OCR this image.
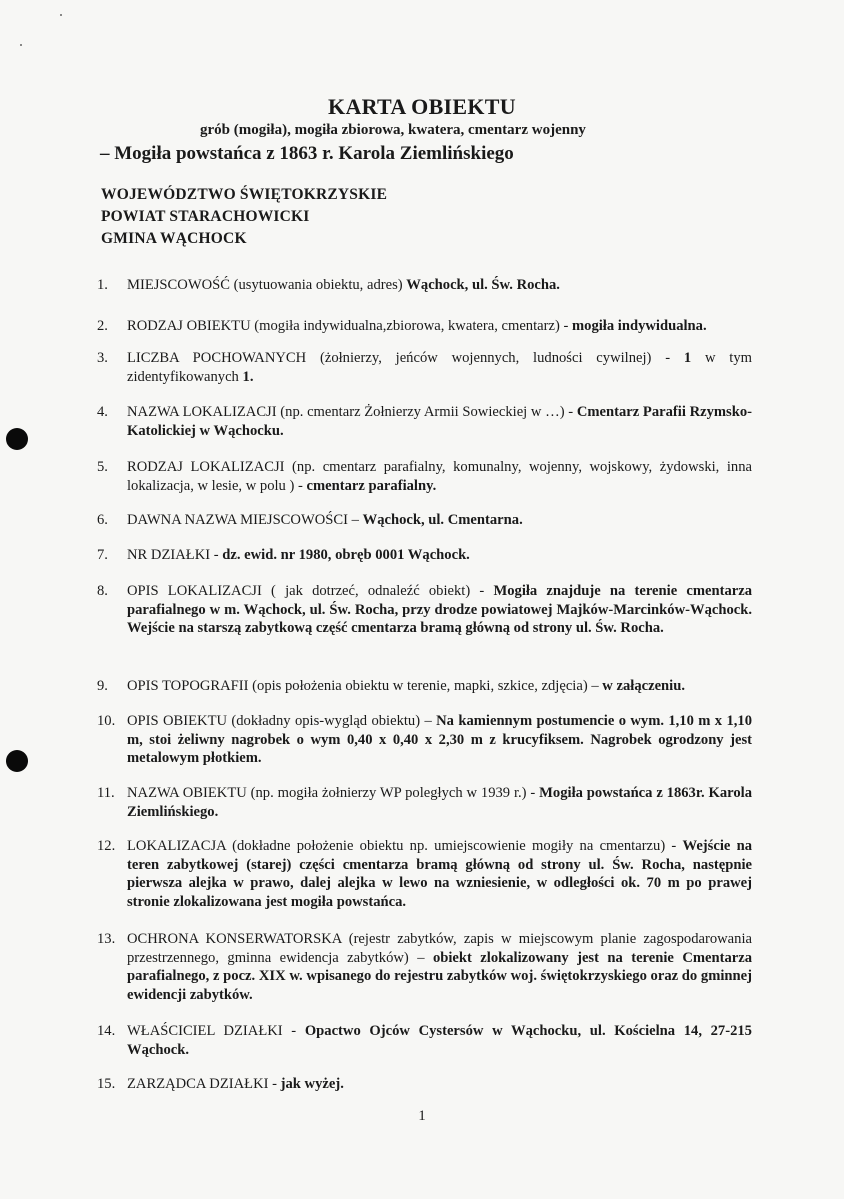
KARTA OBIEKTU
grób (mogiła), mogiła zbiorowa, kwatera, cmentarz wojenny
– Mogiła powstańca z 1863 r. Karola Ziemlińskiego
WOJEWÓDZTWO ŚWIĘTOKRZYSKIE
POWIAT STARACHOWICKI
GMINA WĄCHOCK
1.	MIEJSCOWOŚĆ (usytuowania obiektu, adres) Wąchock, ul. Św. Rocha.
2.	RODZAJ OBIEKTU (mogiła indywidualna,zbiorowa, kwatera, cmentarz) - mogiła indywidualna.
3.	LICZBA POCHOWANYCH (żołnierzy, jeńców wojennych, ludności cywilnej) - 1 w tym zidentyfikowanych 1.
4.	NAZWA LOKALIZACJI (np. cmentarz Żołnierzy Armii Sowieckiej w …) - Cmentarz Parafii Rzymsko-Katolickiej w Wąchocku.
5.	RODZAJ LOKALIZACJI (np. cmentarz parafialny, komunalny, wojenny, wojskowy, żydowski, inna lokalizacja, w lesie, w polu ) - cmentarz parafialny.
6.	DAWNA NAZWA MIEJSCOWOŚCI – Wąchock, ul. Cmentarna.
7.	NR DZIAŁKI - dz. ewid. nr 1980, obręb 0001 Wąchock.
8.	OPIS LOKALIZACJI ( jak dotrzeć, odnaleźć obiekt) - Mogiła znajduje na terenie cmentarza parafialnego w m. Wąchock, ul. Św. Rocha, przy drodze powiatowej Majków-Marcinków-Wąchock. Wejście na starszą zabytkową część cmentarza bramą główną od strony ul. Św. Rocha.
9.	OPIS TOPOGRAFII (opis położenia obiektu w terenie, mapki, szkice, zdjęcia) – w załączeniu.
10. OPIS OBIEKTU (dokładny opis-wygląd obiektu) – Na kamiennym postumencie o wym. 1,10 m x 1,10 m, stoi żeliwny nagrobek o wym 0,40 x 0,40 x 2,30 m z krucyfiksem. Nagrobek ogrodzony jest metalowym płotkiem.
11. NAZWA OBIEKTU (np. mogiła żołnierzy WP poległych w 1939 r.) - Mogiła powstańca z 1863r. Karola Ziemlińskiego.
12. LOKALIZACJA (dokładne położenie obiektu np. umiejscowienie mogiły na cmentarzu) - Wejście na teren zabytkowej (starej) części cmentarza bramą główną od strony ul. Św. Rocha, następnie pierwsza alejka w prawo, dalej alejka w lewo na wzniesienie, w odległości ok. 70 m po prawej stronie zlokalizowana jest mogiła powstańca.
13. OCHRONA KONSERWATORSKA (rejestr zabytków, zapis w miejscowym planie zagospodarowania przestrzennego, gminna ewidencja zabytków) – obiekt zlokalizowany jest na terenie Cmentarza parafialnego, z pocz. XIX w. wpisanego do rejestru zabytków woj. świętokrzyskiego oraz do gminnej ewidencji zabytków.
14. WŁAŚCICIEL DZIAŁKI - Opactwo Ojców Cystersów w Wąchocku, ul. Kościelna 14, 27-215 Wąchock.
15. ZARZĄDCA DZIAŁKI - jak wyżej.
1
